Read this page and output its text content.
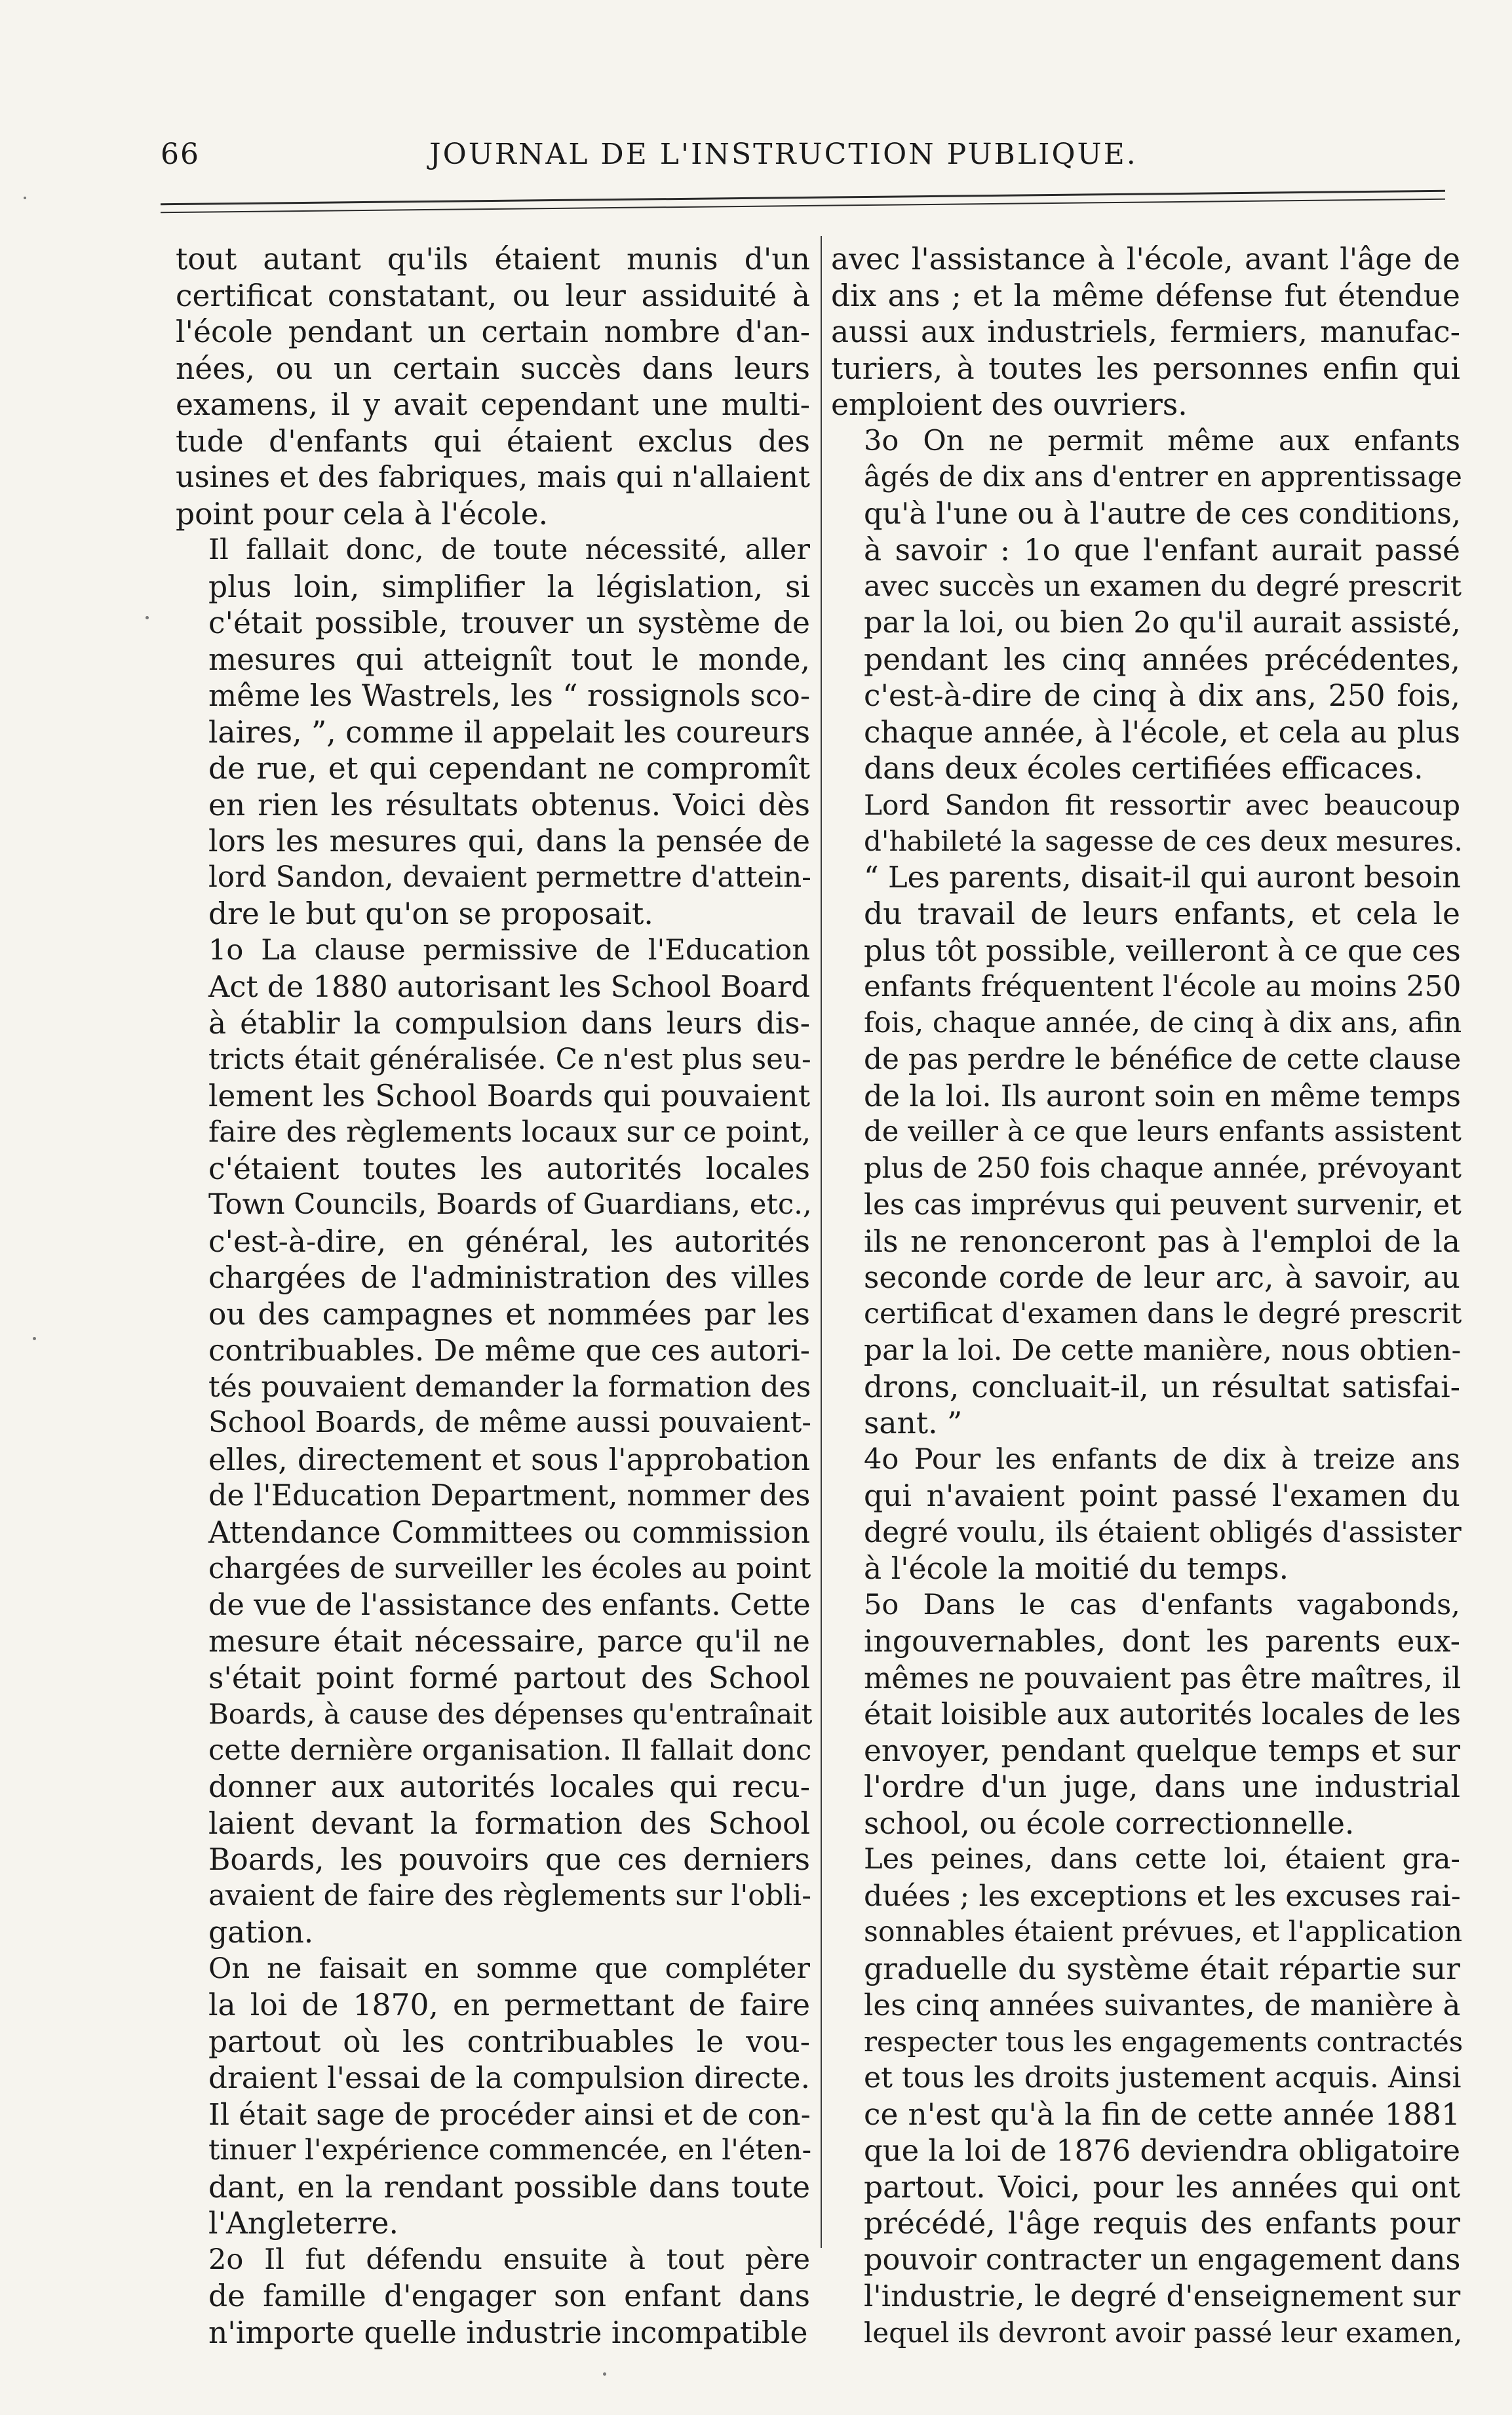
66	JOURNAL DE L'INSTRUCTION PUBLIQUE.

tout autant qu'ils étaient munis d'un
certificat constatant, ou leur assiduité à
l'école pendant un certain nombre d'an-
nées, ou un certain succès dans leurs
examens, il y avait cependant une multi-
tude d'enfants qui étaient exclus des
usines et des fabriques, mais qui n'allaient
point pour cela à l'école.

Il fallait donc, de toute nécessité, aller
plus loin, simplifier la législation, si
c'était possible, trouver un système de
mesures qui atteignît tout le monde,
même les Wastrels, les “ rossignols sco-
laires, ”, comme il appelait les coureurs
de rue, et qui cependant ne compromît
en rien les résultats obtenus. Voici dès
lors les mesures qui, dans la pensée de
lord Sandon, devaient permettre d'attein-
dre le but qu'on se proposait.

1o La clause permissive de l'Education
Act de 1880 autorisant les School Board
à établir la compulsion dans leurs dis-
tricts était généralisée. Ce n'est plus seu-
lement les School Boards qui pouvaient
faire des règlements locaux sur ce point,
c'étaient toutes les autorités locales
Town Councils, Boards of Guardians, etc.,
c'est-à-dire, en général, les autorités
chargées de l'administration des villes
ou des campagnes et nommées par les
contribuables. De même que ces autori-
tés pouvaient demander la formation des
School Boards, de même aussi pouvaient-
elles, directement et sous l'approbation
de l'Education Department, nommer des
Attendance Committees ou commission
chargées de surveiller les écoles au point
de vue de l'assistance des enfants. Cette
mesure était nécessaire, parce qu'il ne
s'était point formé partout des School
Boards, à cause des dépenses qu'entraînait
cette dernière organisation. Il fallait donc
donner aux autorités locales qui recu-
laient devant la formation des School
Boards, les pouvoirs que ces derniers
avaient de faire des règlements sur l'obli-
gation.

On ne faisait en somme que compléter
la loi de 1870, en permettant de faire
partout où les contribuables le vou-
draient l'essai de la compulsion directe.
Il était sage de procéder ainsi et de con-
tinuer l'expérience commencée, en l'éten-
dant, en la rendant possible dans toute
l'Angleterre.

2o Il fut défendu ensuite à tout père
de famille d'engager son enfant dans
n'importe quelle industrie incompatible

avec l'assistance à l'école, avant l'âge de
dix ans ; et la même défense fut étendue
aussi aux industriels, fermiers, manufac-
turiers, à toutes les personnes enfin qui
emploient des ouvriers.

3o On ne permit même aux enfants
âgés de dix ans d'entrer en apprentissage
qu'à l'une ou à l'autre de ces conditions,
à savoir : 1o que l'enfant aurait passé
avec succès un examen du degré prescrit
par la loi, ou bien 2o qu'il aurait assisté,
pendant les cinq années précédentes,
c'est-à-dire de cinq à dix ans, 250 fois,
chaque année, à l'école, et cela au plus
dans deux écoles certifiées efficaces.

Lord Sandon fit ressortir avec beaucoup
d'habileté la sagesse de ces deux mesures.
“ Les parents, disait-il qui auront besoin
du travail de leurs enfants, et cela le
plus tôt possible, veilleront à ce que ces
enfants fréquentent l'école au moins 250
fois, chaque année, de cinq à dix ans, afin
de pas perdre le bénéfice de cette clause
de la loi. Ils auront soin en même temps
de veiller à ce que leurs enfants assistent
plus de 250 fois chaque année, prévoyant
les cas imprévus qui peuvent survenir, et
ils ne renonceront pas à l'emploi de la
seconde corde de leur arc, à savoir, au
certificat d'examen dans le degré prescrit
par la loi. De cette manière, nous obtien-
drons, concluait-il, un résultat satisfai-
sant. ”

4o Pour les enfants de dix à treize ans
qui n'avaient point passé l'examen du
degré voulu, ils étaient obligés d'assister
à l'école la moitié du temps.

5o Dans le cas d'enfants vagabonds,
ingouvernables, dont les parents eux-
mêmes ne pouvaient pas être maîtres, il
était loisible aux autorités locales de les
envoyer, pendant quelque temps et sur
l'ordre d'un juge, dans une industrial
school, ou école correctionnelle.

Les peines, dans cette loi, étaient gra-
duées ; les exceptions et les excuses rai-
sonnables étaient prévues, et l'application
graduelle du système était répartie sur
les cinq années suivantes, de manière à
respecter tous les engagements contractés
et tous les droits justement acquis. Ainsi
ce n'est qu'à la fin de cette année 1881
que la loi de 1876 deviendra obligatoire
partout. Voici, pour les années qui ont
précédé, l'âge requis des enfants pour
pouvoir contracter un engagement dans
l'industrie, le degré d'enseignement sur
lequel ils devront avoir passé leur examen,
